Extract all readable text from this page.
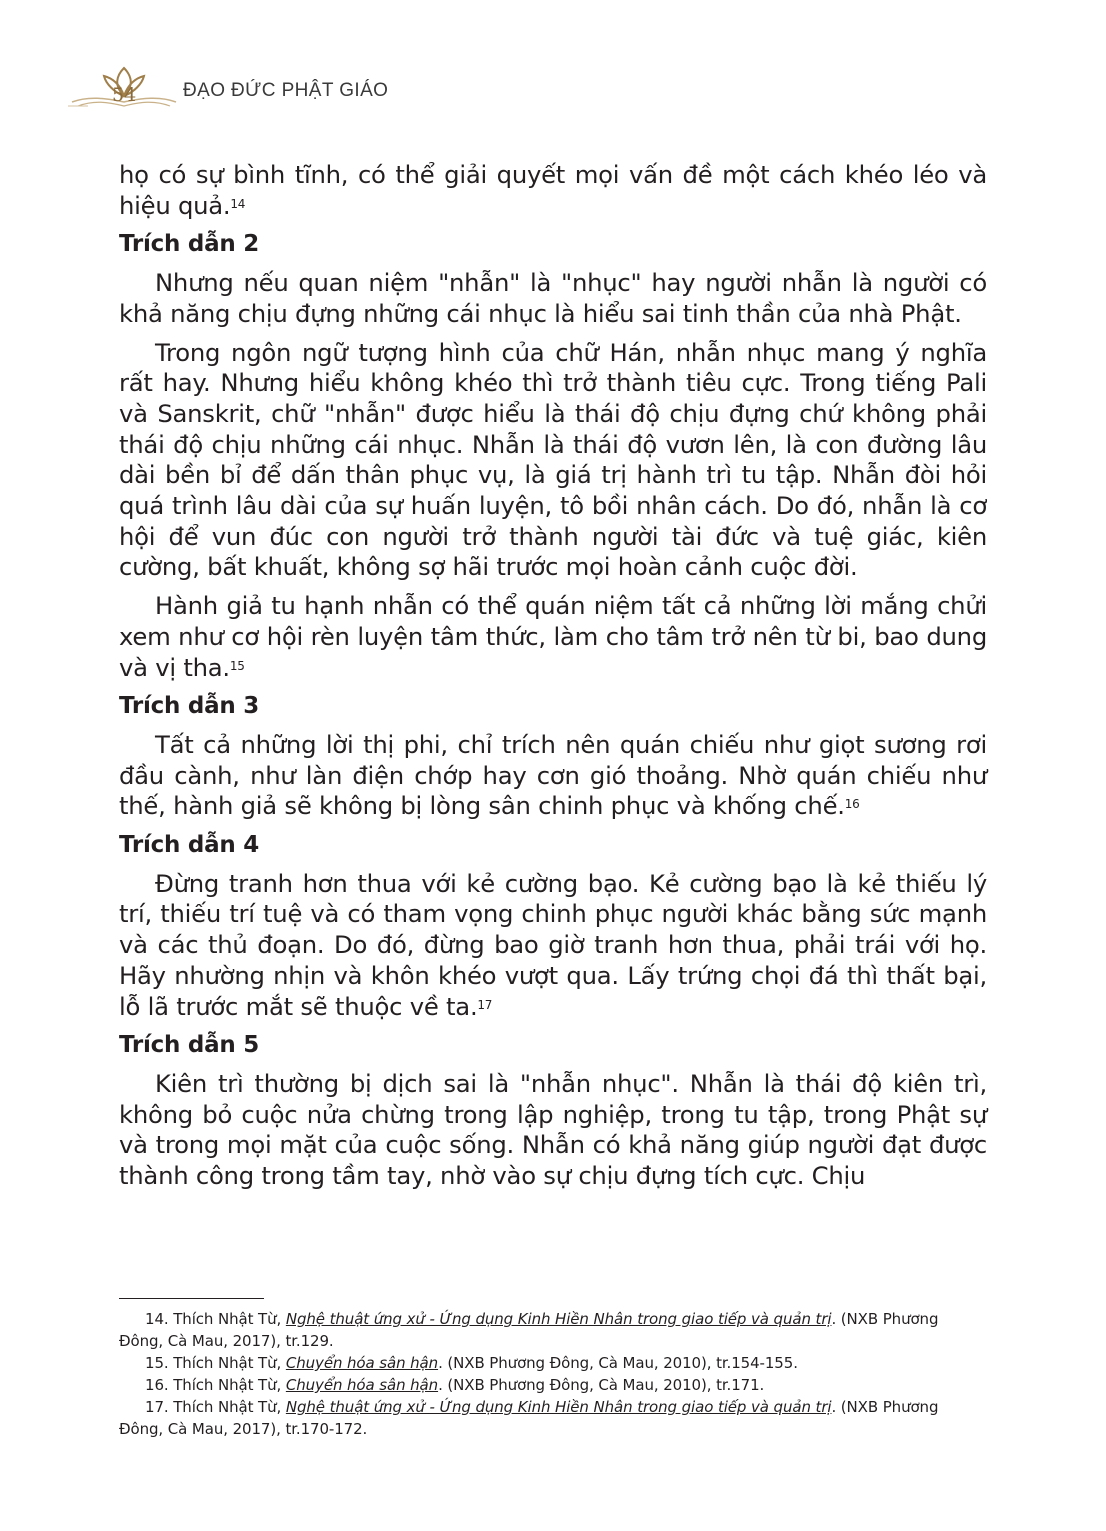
54 ĐẠO ĐỨC PHẬT GIÁO

họ có sự bình tĩnh, có thể giải quyết mọi vấn đề một cách khéo léo và hiệu quả.$^{14}$

Trích dẫn 2

Nhưng nếu quan niệm "nhẫn" là "nhục" hay người nhẫn là người có khả năng chịu đựng những cái nhục là hiểu sai tinh thần của nhà Phật.

Trong ngôn ngữ tượng hình của chữ Hán, nhẫn nhục mang ý nghĩa rất hay. Nhưng hiểu không khéo thì trở thành tiêu cực. Trong tiếng Pali và Sanskrit, chữ "nhẫn" được hiểu là thái độ chịu đựng chứ không phải thái độ chịu những cái nhục. Nhẫn là thái độ vươn lên, là con đường lâu dài bền bỉ để dấn thân phục vụ, là giá trị hành trì tu tập. Nhẫn đòi hỏi quá trình lâu dài của sự huấn luyện, tô bồi nhân cách. Do đó, nhẫn là cơ hội để vun đúc con người trở thành người tài đức và tuệ giác, kiên cường, bất khuất, không sợ hãi trước mọi hoàn cảnh cuộc đời.

Hành giả tu hạnh nhẫn có thể quán niệm tất cả những lời mắng chửi xem như cơ hội rèn luyện tâm thức, làm cho tâm trở nên từ bi, bao dung và vị tha.$^{15}$

Trích dẫn 3

Tất cả những lời thị phi, chỉ trích nên quán chiếu như giọt sương rơi đầu cành, như làn điện chớp hay cơn gió thoảng. Nhờ quán chiếu như thế, hành giả sẽ không bị lòng sân chinh phục và khống chế.$^{16}$

Trích dẫn 4

Đừng tranh hơn thua với kẻ cường bạo. Kẻ cường bạo là kẻ thiếu lý trí, thiếu trí tuệ và có tham vọng chinh phục người khác bằng sức mạnh và các thủ đoạn. Do đó, đừng bao giờ tranh hơn thua, phải trái với họ. Hãy nhường nhịn và khôn khéo vượt qua. Lấy trứng chọi đá thì thất bại, lỗ lã trước mắt sẽ thuộc về ta.$^{17}$

Trích dẫn 5

Kiên trì thường bị dịch sai là "nhẫn nhục". Nhẫn là thái độ kiên trì, không bỏ cuộc nửa chừng trong lập nghiệp, trong tu tập, trong Phật sự và trong mọi mặt của cuộc sống. Nhẫn có khả năng giúp người đạt được thành công trong tầm tay, nhờ vào sự chịu đựng tích cực. Chịu

14. Thích Nhật Từ, Nghệ thuật ứng xử - Ứng dụng Kinh Hiền Nhân trong giao tiếp và quản trị. (NXB Phương Đông, Cà Mau, 2017), tr.129.

15. Thích Nhật Từ, Chuyển hóa sân hận. (NXB Phương Đông, Cà Mau, 2010), tr.154-155.

16. Thích Nhật Từ, Chuyển hóa sân hận. (NXB Phương Đông, Cà Mau, 2010), tr.171.

17. Thích Nhật Từ, Nghệ thuật ứng xử - Ứng dụng Kinh Hiền Nhân trong giao tiếp và quản trị. (NXB Phương Đông, Cà Mau, 2017), tr.170-172.
